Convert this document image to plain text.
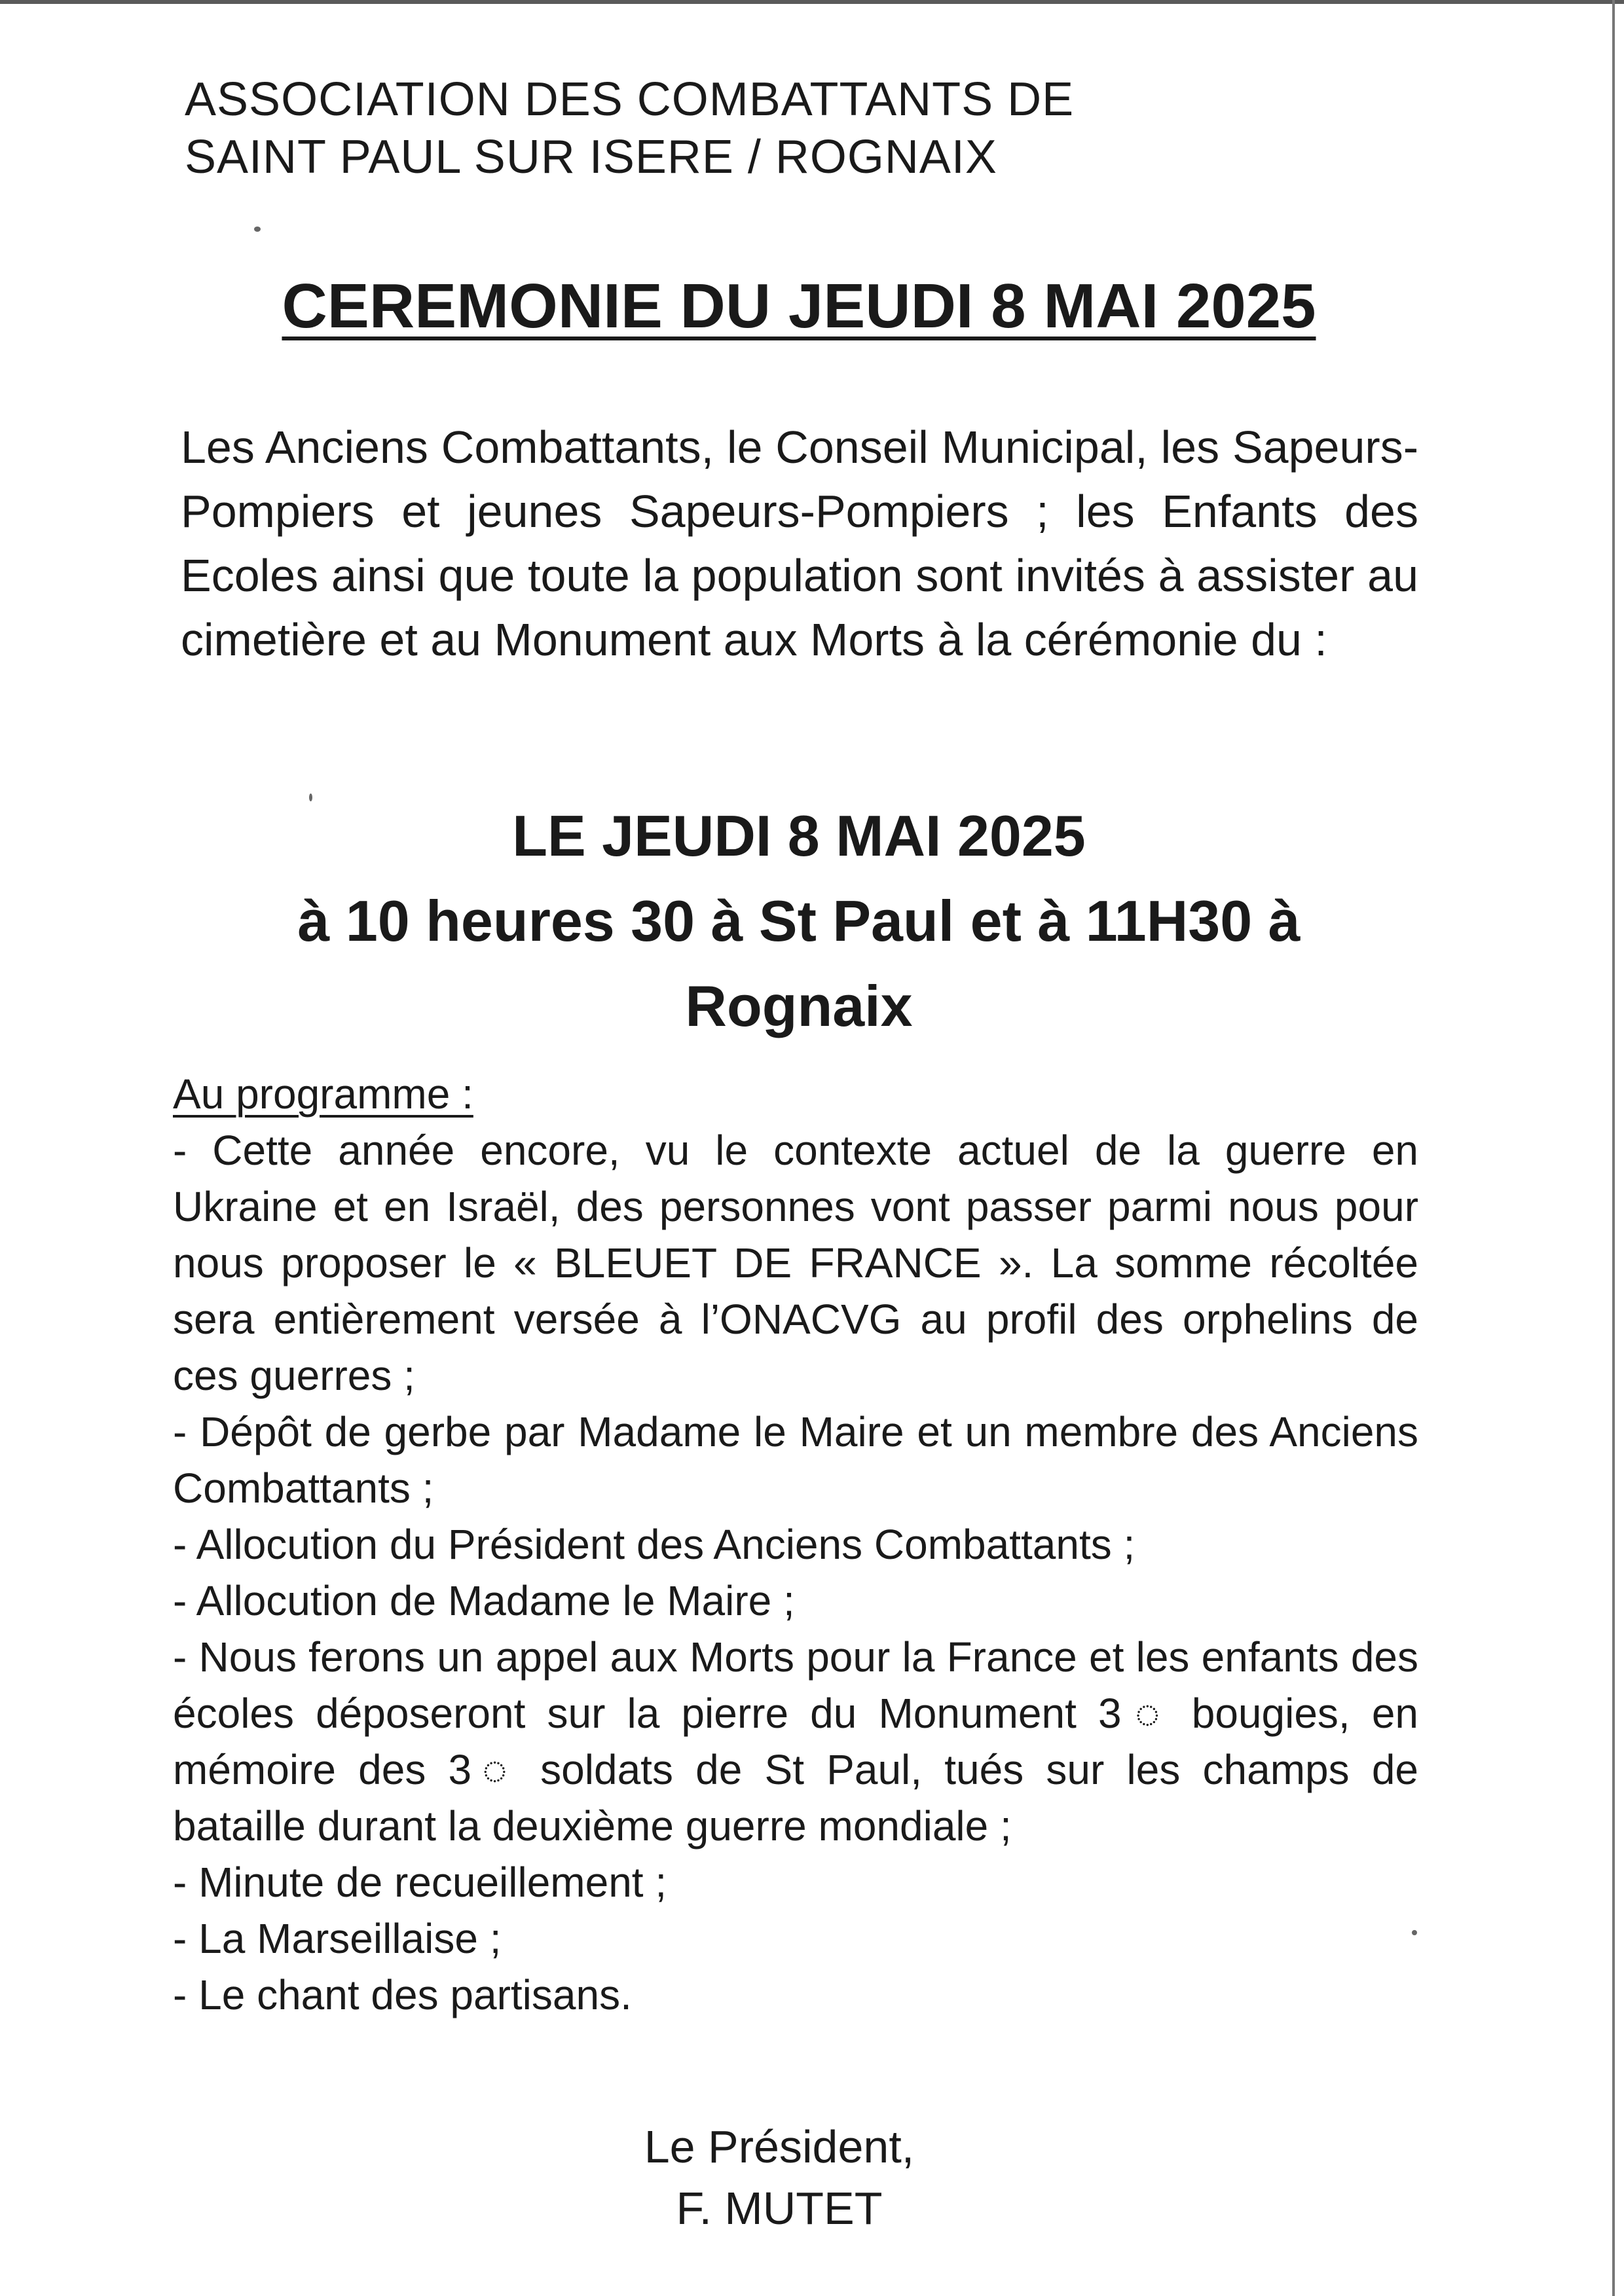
ASSOCIATION DES COMBATTANTS DE
SAINT PAUL SUR ISERE / ROGNAIX
CEREMONIE DU JEUDI 8 MAI 2025
Les Anciens Combattants, le Conseil Municipal, les Sapeurs-Pompiers et jeunes Sapeurs-Pompiers ; les Enfants des Ecoles ainsi que toute la population sont invités à assister au cimetière et au Monument aux Morts à la cérémonie du :
LE JEUDI 8 MAI 2025
à 10 heures 30 à St Paul et à 11H30 à
Rognaix
Au programme :
- Cette année encore, vu le contexte actuel de la guerre en Ukraine et en Israël, des personnes vont passer parmi nous pour nous proposer le « BLEUET DE FRANCE ». La somme récoltée sera entièrement versée à l’ONACVG au profil des orphelins de ces guerres ;
- Dépôt de gerbe par Madame le Maire et un membre des Anciens Combattants ;
- Allocution du Président des Anciens Combattants ;
- Allocution de Madame le Maire ;
- Nous ferons un appel aux Morts pour la France et les enfants des écoles déposeront sur la pierre du Monument 3 ◌ bougies, en mémoire des 3◌ soldats de St Paul, tués sur les champs de bataille durant la deuxième guerre mondiale ;
- Minute de recueillement ;
- La Marseillaise ;
- Le chant des partisans.
Le Président,
F. MUTET
